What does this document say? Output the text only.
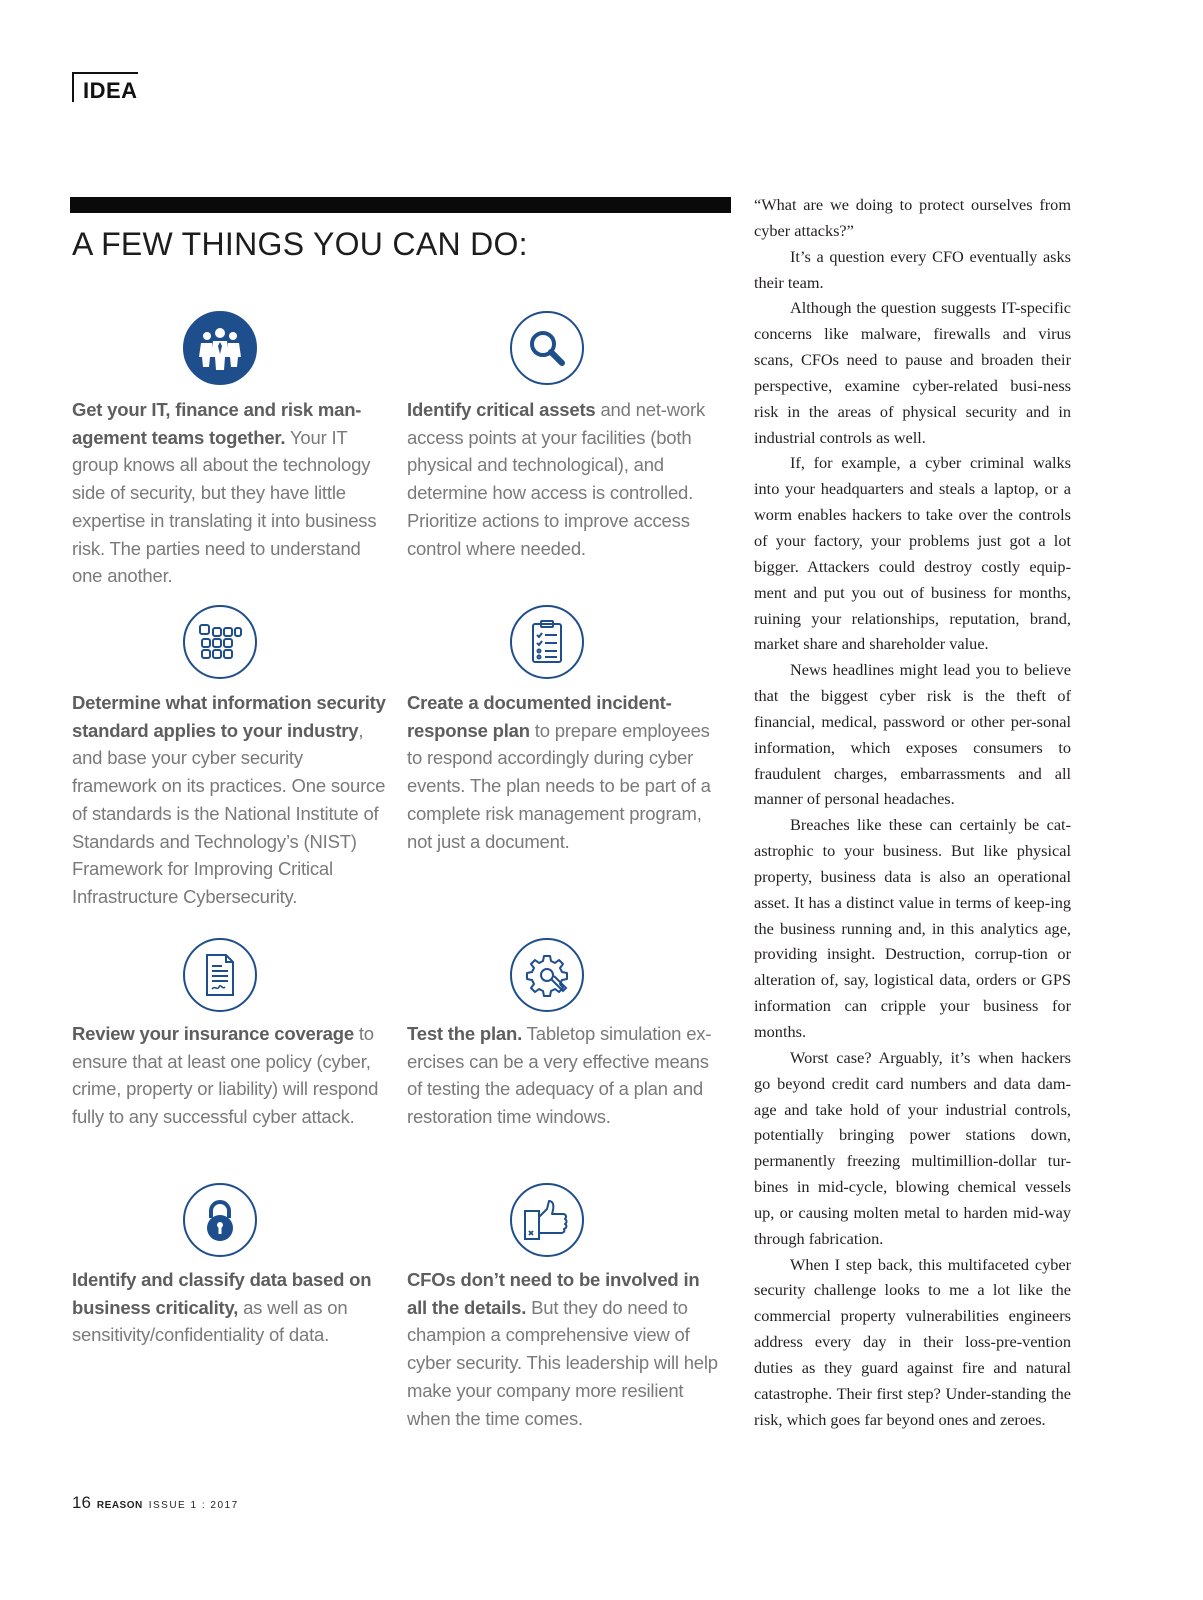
IDEA
A FEW THINGS YOU CAN DO:

Get your IT, finance and risk man-agement teams together. Your IT group knows all about the technology side of security, but they have little expertise in translating it into business risk. The parties need to understand one another.

Identify critical assets and net-work access points at your facilities (both physical and technological), and determine how access is controlled. Prioritize actions to improve access control where needed.

Determine what information security standard applies to your industry, and base your cyber security framework on its practices. One source of standards is the National Institute of Standards and Technology’s (NIST) Framework for Improving Critical Infrastructure Cybersecurity.

Create a documented incident-response plan to prepare employees to respond accordingly during cyber events. The plan needs to be part of a complete risk management program, not just a document.

Review your insurance coverage to ensure that at least one policy (cyber, crime, property or liability) will respond fully to any successful cyber attack.

Test the plan. Tabletop simulation ex-ercises can be a very effective means of testing the adequacy of a plan and restoration time windows.

Identify and classify data based on business criticality, as well as on sensitivity/confidentiality of data.

CFOs don’t need to be involved in all the details. But they do need to champion a comprehensive view of cyber security. This leadership will help make your company more resilient when the time comes.

“What are we doing to protect ourselves from cyber attacks?”

It’s a question every CFO eventually asks their team.

Although the question suggests IT-specific concerns like malware, firewalls and virus scans, CFOs need to pause and broaden their perspective, examine cyber-related busi-ness risk in the areas of physical security and in industrial controls as well.

If, for example, a cyber criminal walks into your headquarters and steals a laptop, or a worm enables hackers to take over the controls of your factory, your problems just got a lot bigger. Attackers could destroy costly equip-ment and put you out of business for months, ruining your relationships, reputation, brand, market share and shareholder value.

News headlines might lead you to believe that the biggest cyber risk is the theft of financial, medical, password or other per-sonal information, which exposes consumers to fraudulent charges, embarrassments and all manner of personal headaches.

Breaches like these can certainly be cat-astrophic to your business. But like physical property, business data is also an operational asset. It has a distinct value in terms of keep-ing the business running and, in this analytics age, providing insight. Destruction, corrup-tion or alteration of, say, logistical data, orders or GPS information can cripple your business for months.

Worst case? Arguably, it’s when hackers go beyond credit card numbers and data dam-age and take hold of your industrial controls, potentially bringing power stations down, permanently freezing multimillion-dollar tur-bines in mid-cycle, blowing chemical vessels up, or causing molten metal to harden mid-way through fabrication.

When I step back, this multifaceted cyber security challenge looks to me a lot like the commercial property vulnerabilities engineers address every day in their loss-pre-vention duties as they guard against fire and natural catastrophe. Their first step? Under-standing the risk, which goes far beyond ones and zeroes.

16 REASON ISSUE 1 : 2017
